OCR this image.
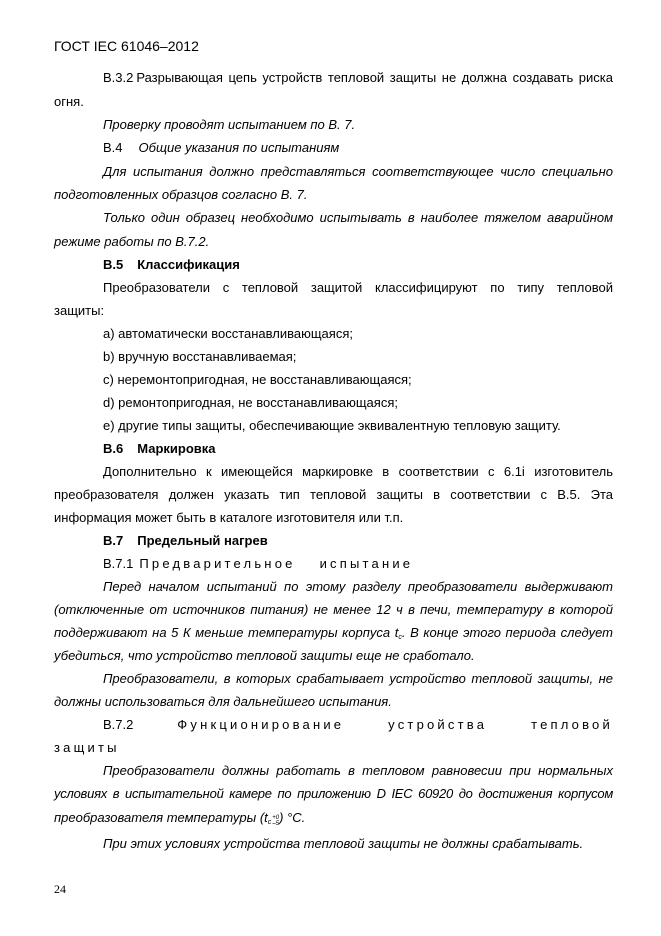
ГОСТ IEC 61046–2012
B.3.2 Разрывающая цепь устройств тепловой защиты не должна создавать риска
огня.
Проверку проводят испытанием по B. 7.
B.4 Общие указания по испытаниям
Для испытания должно представляться соответствующее число специально
подготовленных образцов согласно B. 7.
Только один образец необходимо испытывать в наиболее тяжелом аварийном
режиме работы по B.7.2.
B.5 Классификация
Преобразователи с тепловой защитой классифицируют по типу тепловой
защиты:
a) автоматически восстанавливающаяся;
b) вручную восстанавливаемая;
c) неремонтопригодная, не восстанавливающаяся;
d) ремонтопригодная, не восстанавливающаяся;
e) другие типы защиты, обеспечивающие эквивалентную тепловую защиту.
B.6 Маркировка
Дополнительно к имеющейся маркировке в соответствии с 6.1i изготовитель
преобразователя должен указать тип тепловой защиты в соответствии с B.5. Эта
информация может быть в каталоге изготовителя или т.п.
B.7 Предельный нагрев
B.7.1 Предварительное испытание
Перед началом испытаний по этому разделу преобразователи выдерживают
(отключенные от источников питания) не менее 12 ч в печи, температуру в которой
поддерживают на 5 К меньше температуры корпуса $t_c$. В конце этого периода следует
убедиться, что устройство тепловой защиты еще не сработало.
Преобразователи, в которых срабатывает устройство тепловой защиты, не
должны использоваться для дальнейшего испытания.
B.7.2	Функционирование	устройства	тепловой
защиты
Преобразователи должны работать в тепловом равновесии при нормальных
условиях в испытательной камере по приложению D IEC 60920 до достижения корпусом
преобразователя температуры ($t_c+0$
–5) °С.
При этих условиях устройства тепловой защиты не должны срабатывать.
24
